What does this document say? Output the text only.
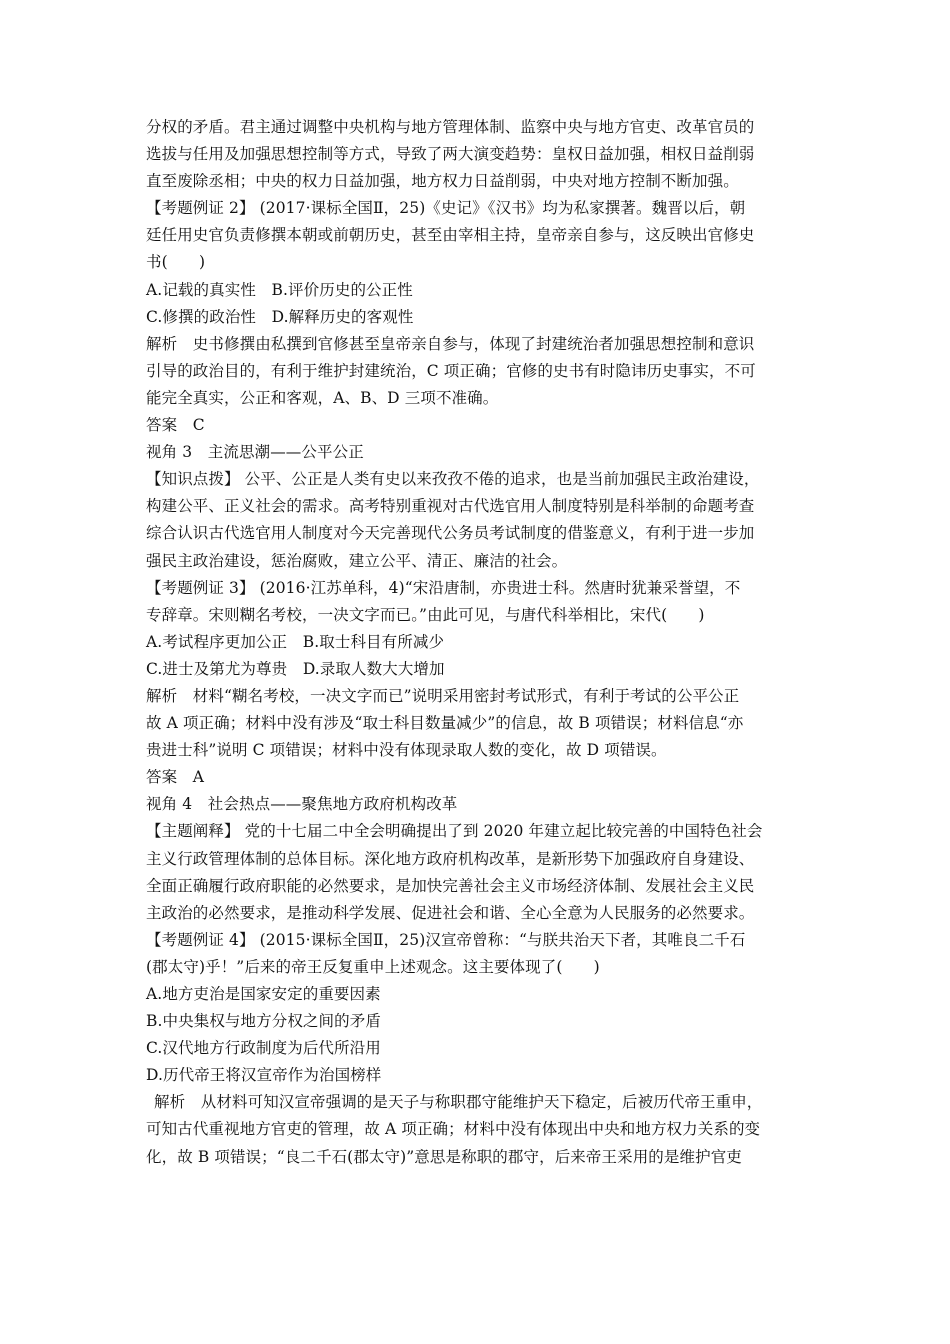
分权的矛盾。君主通过调整中央机构与地方管理体制、监察中央与地方官吏、改革官员的

选拔与任用及加强思想控制等方式，导致了两大演变趋势：皇权日益加强，相权日益削弱

直至废除丞相；中央的权力日益加强，地方权力日益削弱，中央对地方控制不断加强。

【考题例证 2】 (2017·课标全国Ⅱ，25)《史记》《汉书》均为私家撰著。魏晋以后，朝

廷任用史官负责修撰本朝或前朝历史，甚至由宰相主持，皇帝亲自参与，这反映出官修史

书(　　)

A.记载的真实性　B.评价历史的公正性

C.修撰的政治性　D.解释历史的客观性

解析　史书修撰由私撰到官修甚至皇帝亲自参与，体现了封建统治者加强思想控制和意识

引导的政治目的，有利于维护封建统治，C 项正确；官修的史书有时隐讳历史事实，不可

能完全真实，公正和客观，A、B、D 三项不准确。

答案　C

视角 3　主流思潮——公平公正

【知识点拨】 公平、公正是人类有史以来孜孜不倦的追求，也是当前加强民主政治建设，

构建公平、正义社会的需求。高考特别重视对古代选官用人制度特别是科举制的命题考查

综合认识古代选官用人制度对今天完善现代公务员考试制度的借鉴意义，有利于进一步加

强民主政治建设，惩治腐败，建立公平、清正、廉洁的社会。

【考题例证 3】 (2016·江苏单科，4)“宋沿唐制，亦贵进士科。然唐时犹兼采誉望，不

专辞章。宋则糊名考校，一决文字而已。”由此可见，与唐代科举相比，宋代(　　)

A.考试程序更加公正　B.取士科目有所减少

C.进士及第尤为尊贵　D.录取人数大大增加

解析　材料“糊名考校，一决文字而已”说明采用密封考试形式，有利于考试的公平公正

故 A 项正确；材料中没有涉及“取士科目数量减少”的信息，故 B 项错误；材料信息“亦

贵进士科”说明 C 项错误；材料中没有体现录取人数的变化，故 D 项错误。

答案　A

视角 4　社会热点——聚焦地方政府机构改革

【主题阐释】 党的十七届二中全会明确提出了到 2020 年建立起比较完善的中国特色社会

主义行政管理体制的总体目标。深化地方政府机构改革，是新形势下加强政府自身建设、

全面正确履行政府职能的必然要求，是加快完善社会主义市场经济体制、发展社会主义民

主政治的必然要求，是推动科学发展、促进社会和谐、全心全意为人民服务的必然要求。

【考题例证 4】 (2015·课标全国Ⅱ，25)汉宣帝曾称：“与朕共治天下者，其唯良二千石

(郡太守)乎！”后来的帝王反复重申上述观念。这主要体现了(　　)

A.地方吏治是国家安定的重要因素

B.中央集权与地方分权之间的矛盾

C.汉代地方行政制度为后代所沿用

D.历代帝王将汉宣帝作为治国榜样

解析　从材料可知汉宣帝强调的是天子与称职郡守能维护天下稳定，后被历代帝王重申，

可知古代重视地方官吏的管理，故 A 项正确；材料中没有体现出中央和地方权力关系的变

化，故 B 项错误；“良二千石(郡太守)”意思是称职的郡守，后来帝王采用的是维护官吏
